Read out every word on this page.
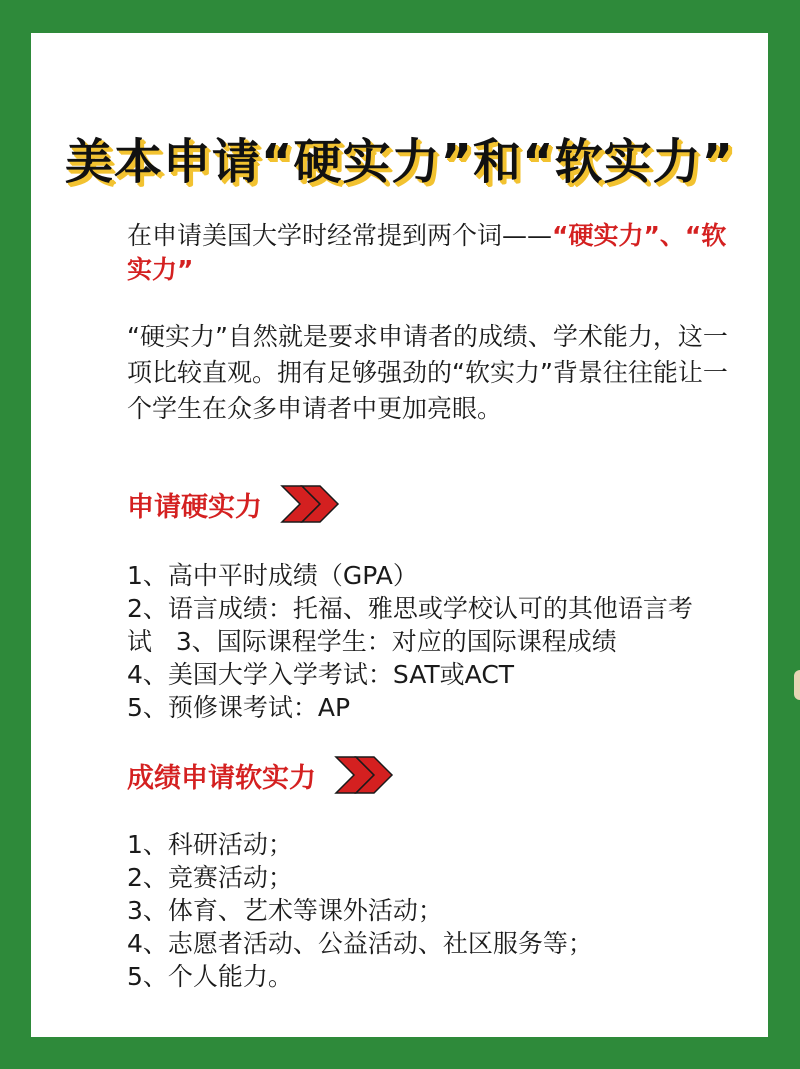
美本申请“硬实力”和“软实力”
在申请美国大学时经常提到两个词——“硬实力”、“软实力”
“硬实力”自然就是要求申请者的成绩、学术能力，这一项比较直观。拥有足够强劲的“软实力”背景往往能让一个学生在众多申请者中更加亮眼。
申请硬实力
1、高中平时成绩（GPA）
2、语言成绩：托福、雅思或学校认可的其他语言考
试   3、国际课程学生：对应的国际课程成绩
4、美国大学入学考试：SAT或ACT
5、预修课考试：AP
成绩申请软实力
1、科研活动；
2、竞赛活动；
3、体育、艺术等课外活动；
4、志愿者活动、公益活动、社区服务等；
5、个人能力。
